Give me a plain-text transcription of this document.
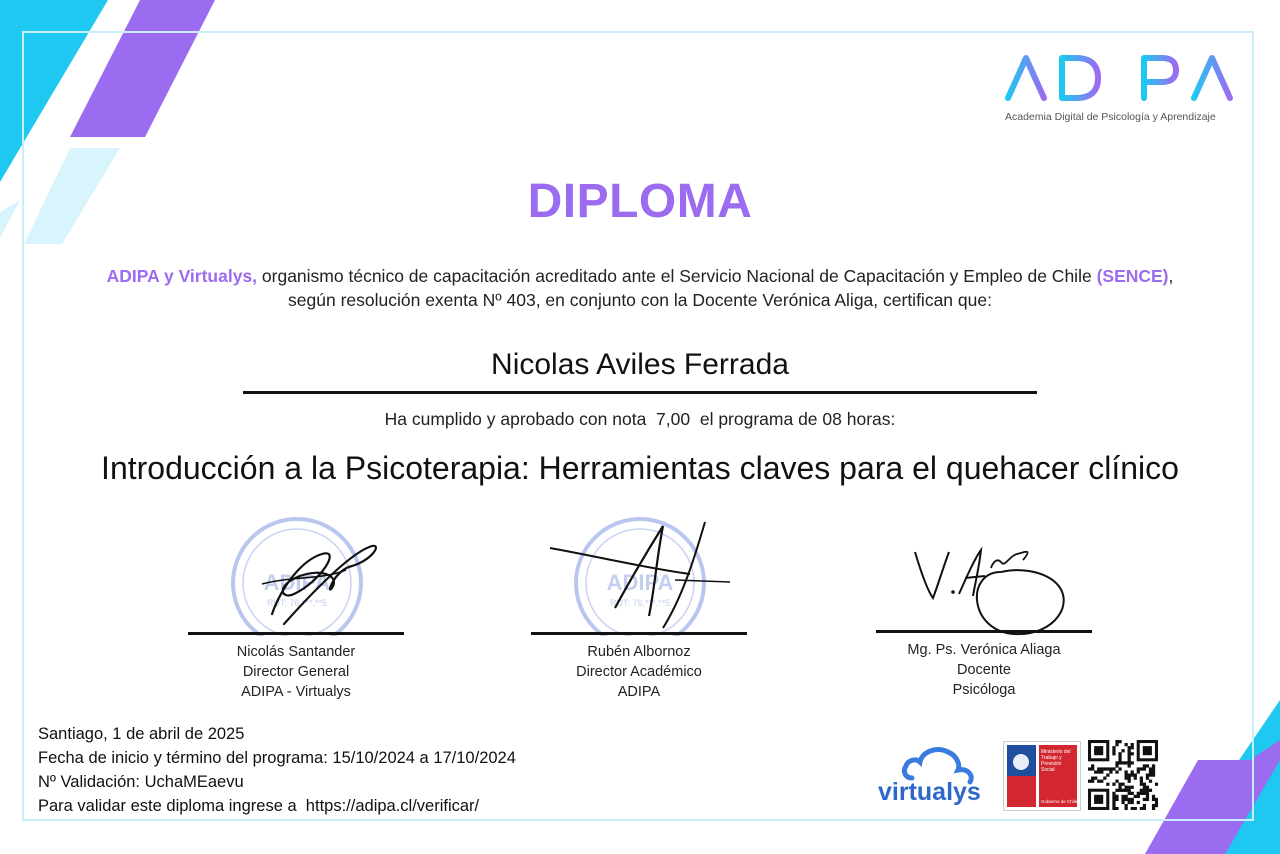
Academia Digital de Psicología y Aprendizaje
DIPLOMA
ADIPA y Virtualys, organismo técnico de capacitación acreditado ante el Servicio Nacional de Capacitación y Empleo de Chile (SENCE), según resolución exenta Nº 403, en conjunto con la Docente Verónica Aliga, certifican que:
Nicolas Aviles Ferrada
Ha cumplido y aprobado con nota  7,00  el programa de 08 horas:
Introducción a la Psicoterapia: Herramientas claves para el quehacer clínico
ADIPA
RUT: 76.***.**5
Nicolás Santander
Director General
ADIPA - Virtualys
ADIPA
RUT: 76.***.**5
Rubén Albornoz
Director Académico
ADIPA
Mg. Ps. Verónica Aliaga
Docente
Psicóloga
Santiago, 1 de abril de 2025
Fecha de inicio y término del programa: 15/10/2024 a 17/10/2024
Nº Validación: UchaMEaevu
Para validar este diploma ingrese a  https://adipa.cl/verificar/	virtualys
Ministerio del
Trabajo y
Previsión
Social
Gobierno de Chile
